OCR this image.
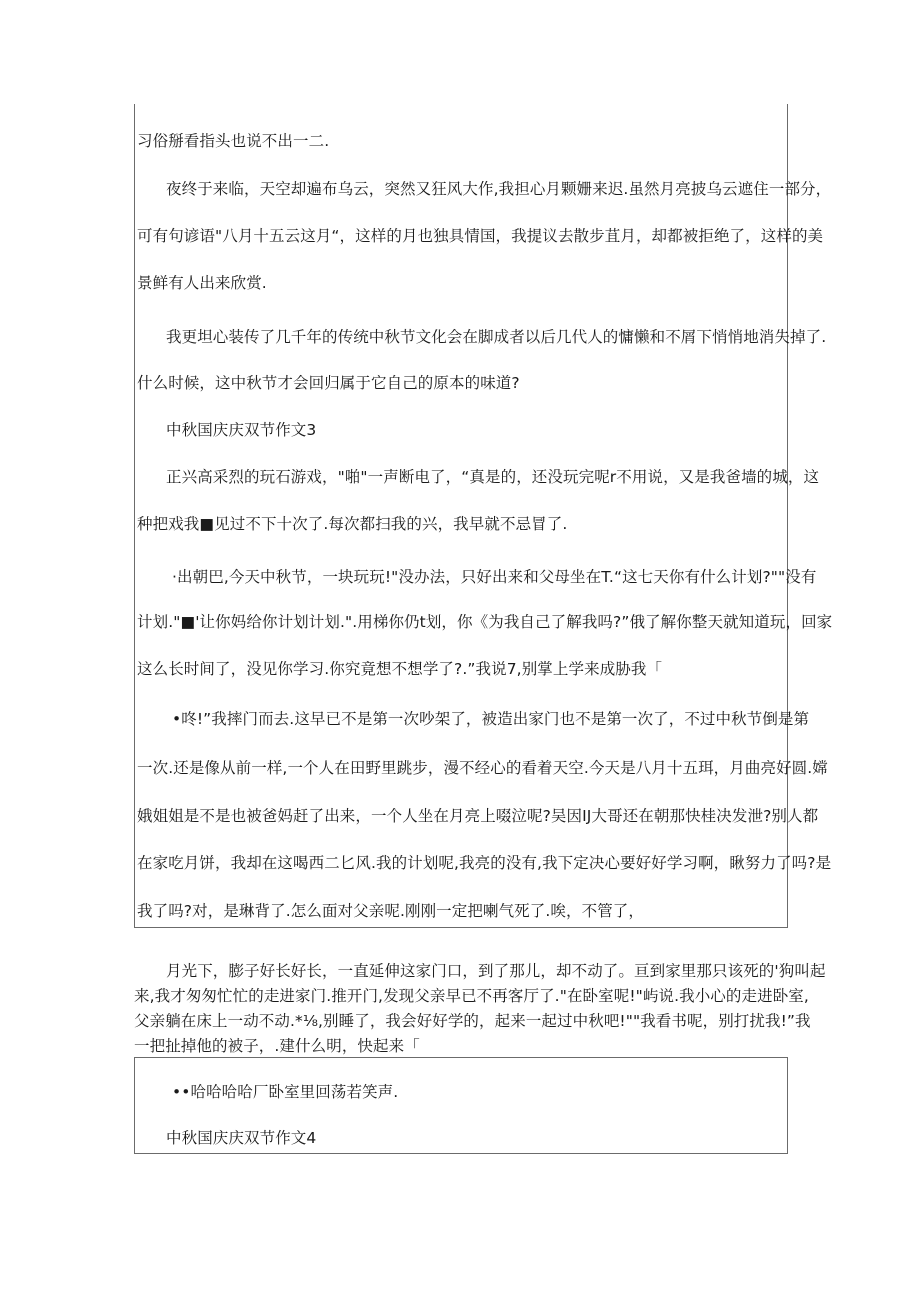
习俗掰看指头也说不出一二.
夜终于来临，天空却遍布乌云，突然又狂风大作,我担心月颗姗来迟.虽然月亮披乌云遮住一部分，
可有句谚语"八月十五云这月“，这样的月也独具情国，我提议去散步苴月，却都被拒绝了，这样的美
景鲜有人出来欣赏.
我更坦心装传了几千年的传统中秋节文化会在脚成者以后几代人的慵懒和不屑下悄悄地消失掉了.
什么时候，这中秋节才会回归属于它自己的原本的味道?
中秋国庆庆双节作文3
正兴高采烈的玩石游戏，"啪"一声断电了，“真是的，还没玩完呢r不用说，又是我爸墙的城，这
种把戏我■见过不下十次了.每次都扫我的兴，我早就不忌冒了.
·出朝巴,今天中秋节，一块玩玩!"没办法，只好出来和父母坐在T.“这七天你有什么计划?""没有
计划."■'让你妈给你计划计划.".用梯你仍t划，你《为我自己了解我吗?”俄了解你整天就知道玩，回家
这么长时间了，没见你学习.你究竟想不想学了?.”我说7,别掌上学来成胁我「
•咚!”我摔门而去.这早已不是第一次吵架了，被造出家门也不是第一次了，不过中秋节倒是第
一次.还是像从前一样,一个人在田野里跳步，漫不经心的看着天空.今天是八月十五珥，月曲亮好圆.嫦
娥姐姐是不是也被爸妈赶了出来，一个人坐在月亮上啜泣呢?吴因IJ大哥还在朝那快桂决发泄?别人都
在家吃月饼，我却在这喝西二匕风.我的计划呢,我亮的没有,我下定决心要好好学习啊，瞅努力了吗?是
我了吗?对，是琳背了.怎么面对父亲呢.刚刚一定把喇气死了.唉，不管了，
月光下，膨子好长好长，一直延伸这家门口，到了那儿，却不动了。亘到家里那只该死的'狗叫起
来,我才匆匆忙忙的走进家门.推开门,发现父亲早已不再客厅了."在卧室呢!"屿说.我小心的走进卧室,
父亲躺在床上一动不动.*⅛,别睡了，我会好好学的，起来一起过中秋吧!""我看书呢，别打扰我!”我
一把扯掉他的被子，.建什么明，快起来「
••哈哈哈哈厂卧室里回荡若笑声.
中秋国庆庆双节作文4
